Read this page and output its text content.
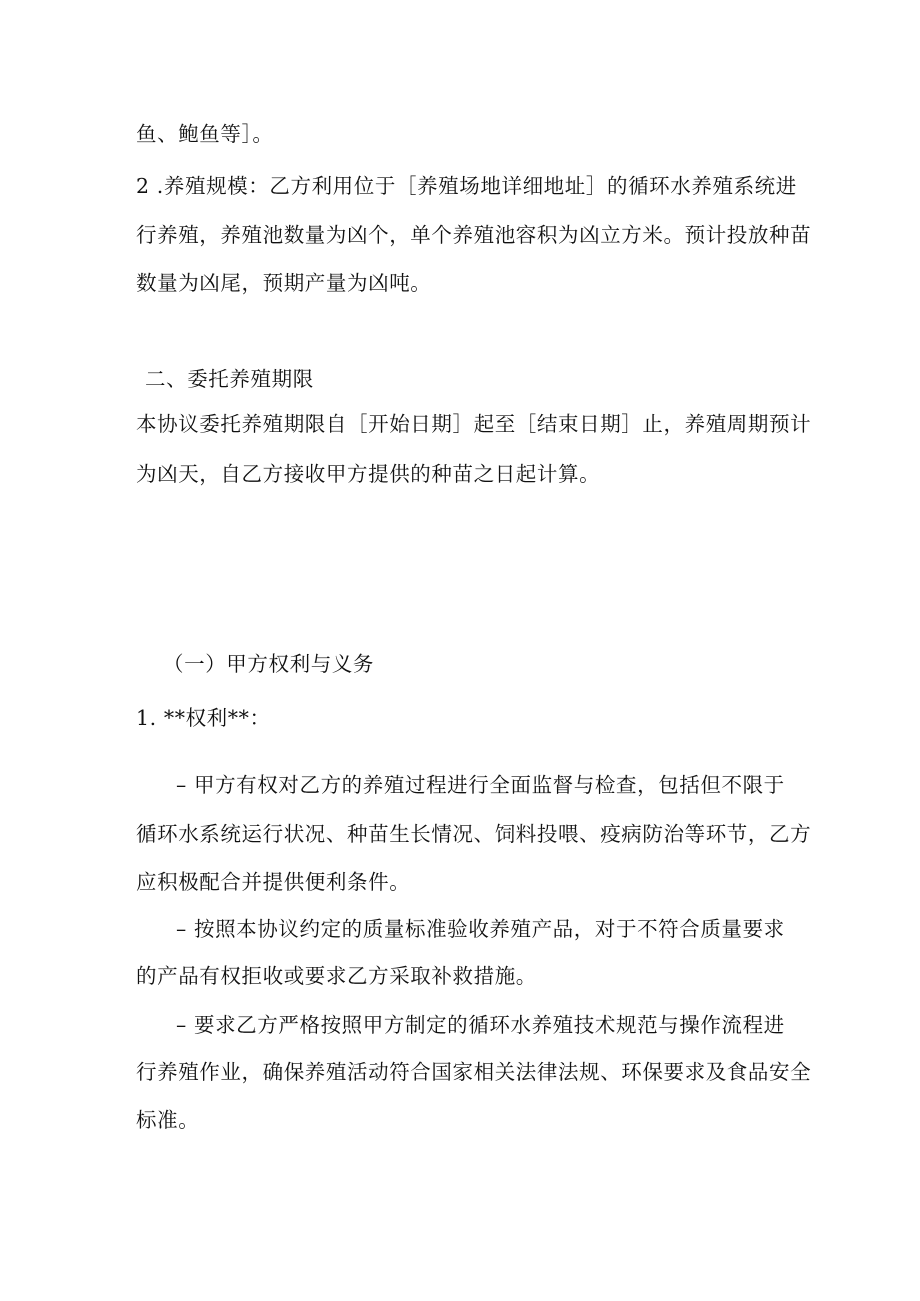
鱼、鲍鱼等］。
2 .养殖规模：乙方利用位于［养殖场地详细地址］的循环水养殖系统进
行养殖，养殖池数量为凶个，单个养殖池容积为凶立方米。预计投放种苗
数量为凶尾，预期产量为凶吨。
二、委托养殖期限
本协议委托养殖期限自［开始日期］起至［结束日期］止，养殖周期预计
为凶天，自乙方接收甲方提供的种苗之日起计算。
（一）甲方权利与义务
1. **权利**：
– 甲方有权对乙方的养殖过程进行全面监督与检查，包括但不限于
循环水系统运行状况、种苗生长情况、饲料投喂、疫病防治等环节，乙方
应积极配合并提供便利条件。
– 按照本协议约定的质量标准验收养殖产品，对于不符合质量要求
的产品有权拒收或要求乙方采取补救措施。
– 要求乙方严格按照甲方制定的循环水养殖技术规范与操作流程进
行养殖作业，确保养殖活动符合国家相关法律法规、环保要求及食品安全
标准。
